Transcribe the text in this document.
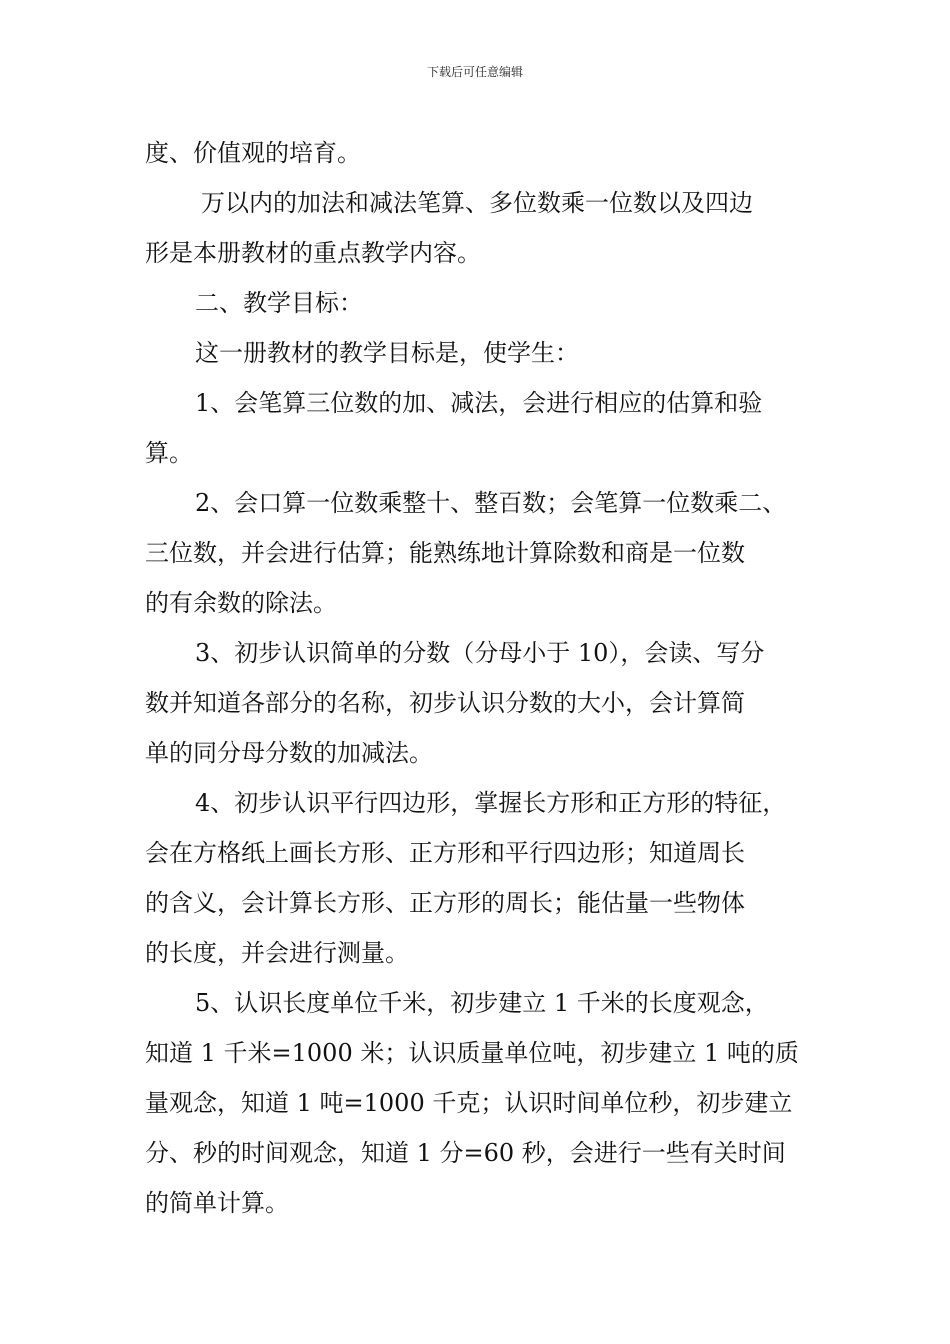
下载后可任意编辑

度、价值观的培育。

万以内的加法和减法笔算、多位数乘一位数以及四边

形是本册教材的重点教学内容。

二、教学目标：

这一册教材的教学目标是，使学生：

1、会笔算三位数的加、减法，会进行相应的估算和验

算。

2、会口算一位数乘整十、整百数；会笔算一位数乘二、

三位数，并会进行估算；能熟练地计算除数和商是一位数

的有余数的除法。

3、初步认识简单的分数（分母小于 10），会读、写分

数并知道各部分的名称，初步认识分数的大小，会计算简

单的同分母分数的加减法。

4、初步认识平行四边形，掌握长方形和正方形的特征，

会在方格纸上画长方形、正方形和平行四边形；知道周长

的含义，会计算长方形、正方形的周长；能估量一些物体

的长度，并会进行测量。

5、认识长度单位千米，初步建立 1 千米的长度观念，

知道 1 千米=1000 米；认识质量单位吨，初步建立 1 吨的质

量观念，知道 1 吨=1000 千克；认识时间单位秒，初步建立

分、秒的时间观念，知道 1 分=60 秒，会进行一些有关时间

的简单计算。
